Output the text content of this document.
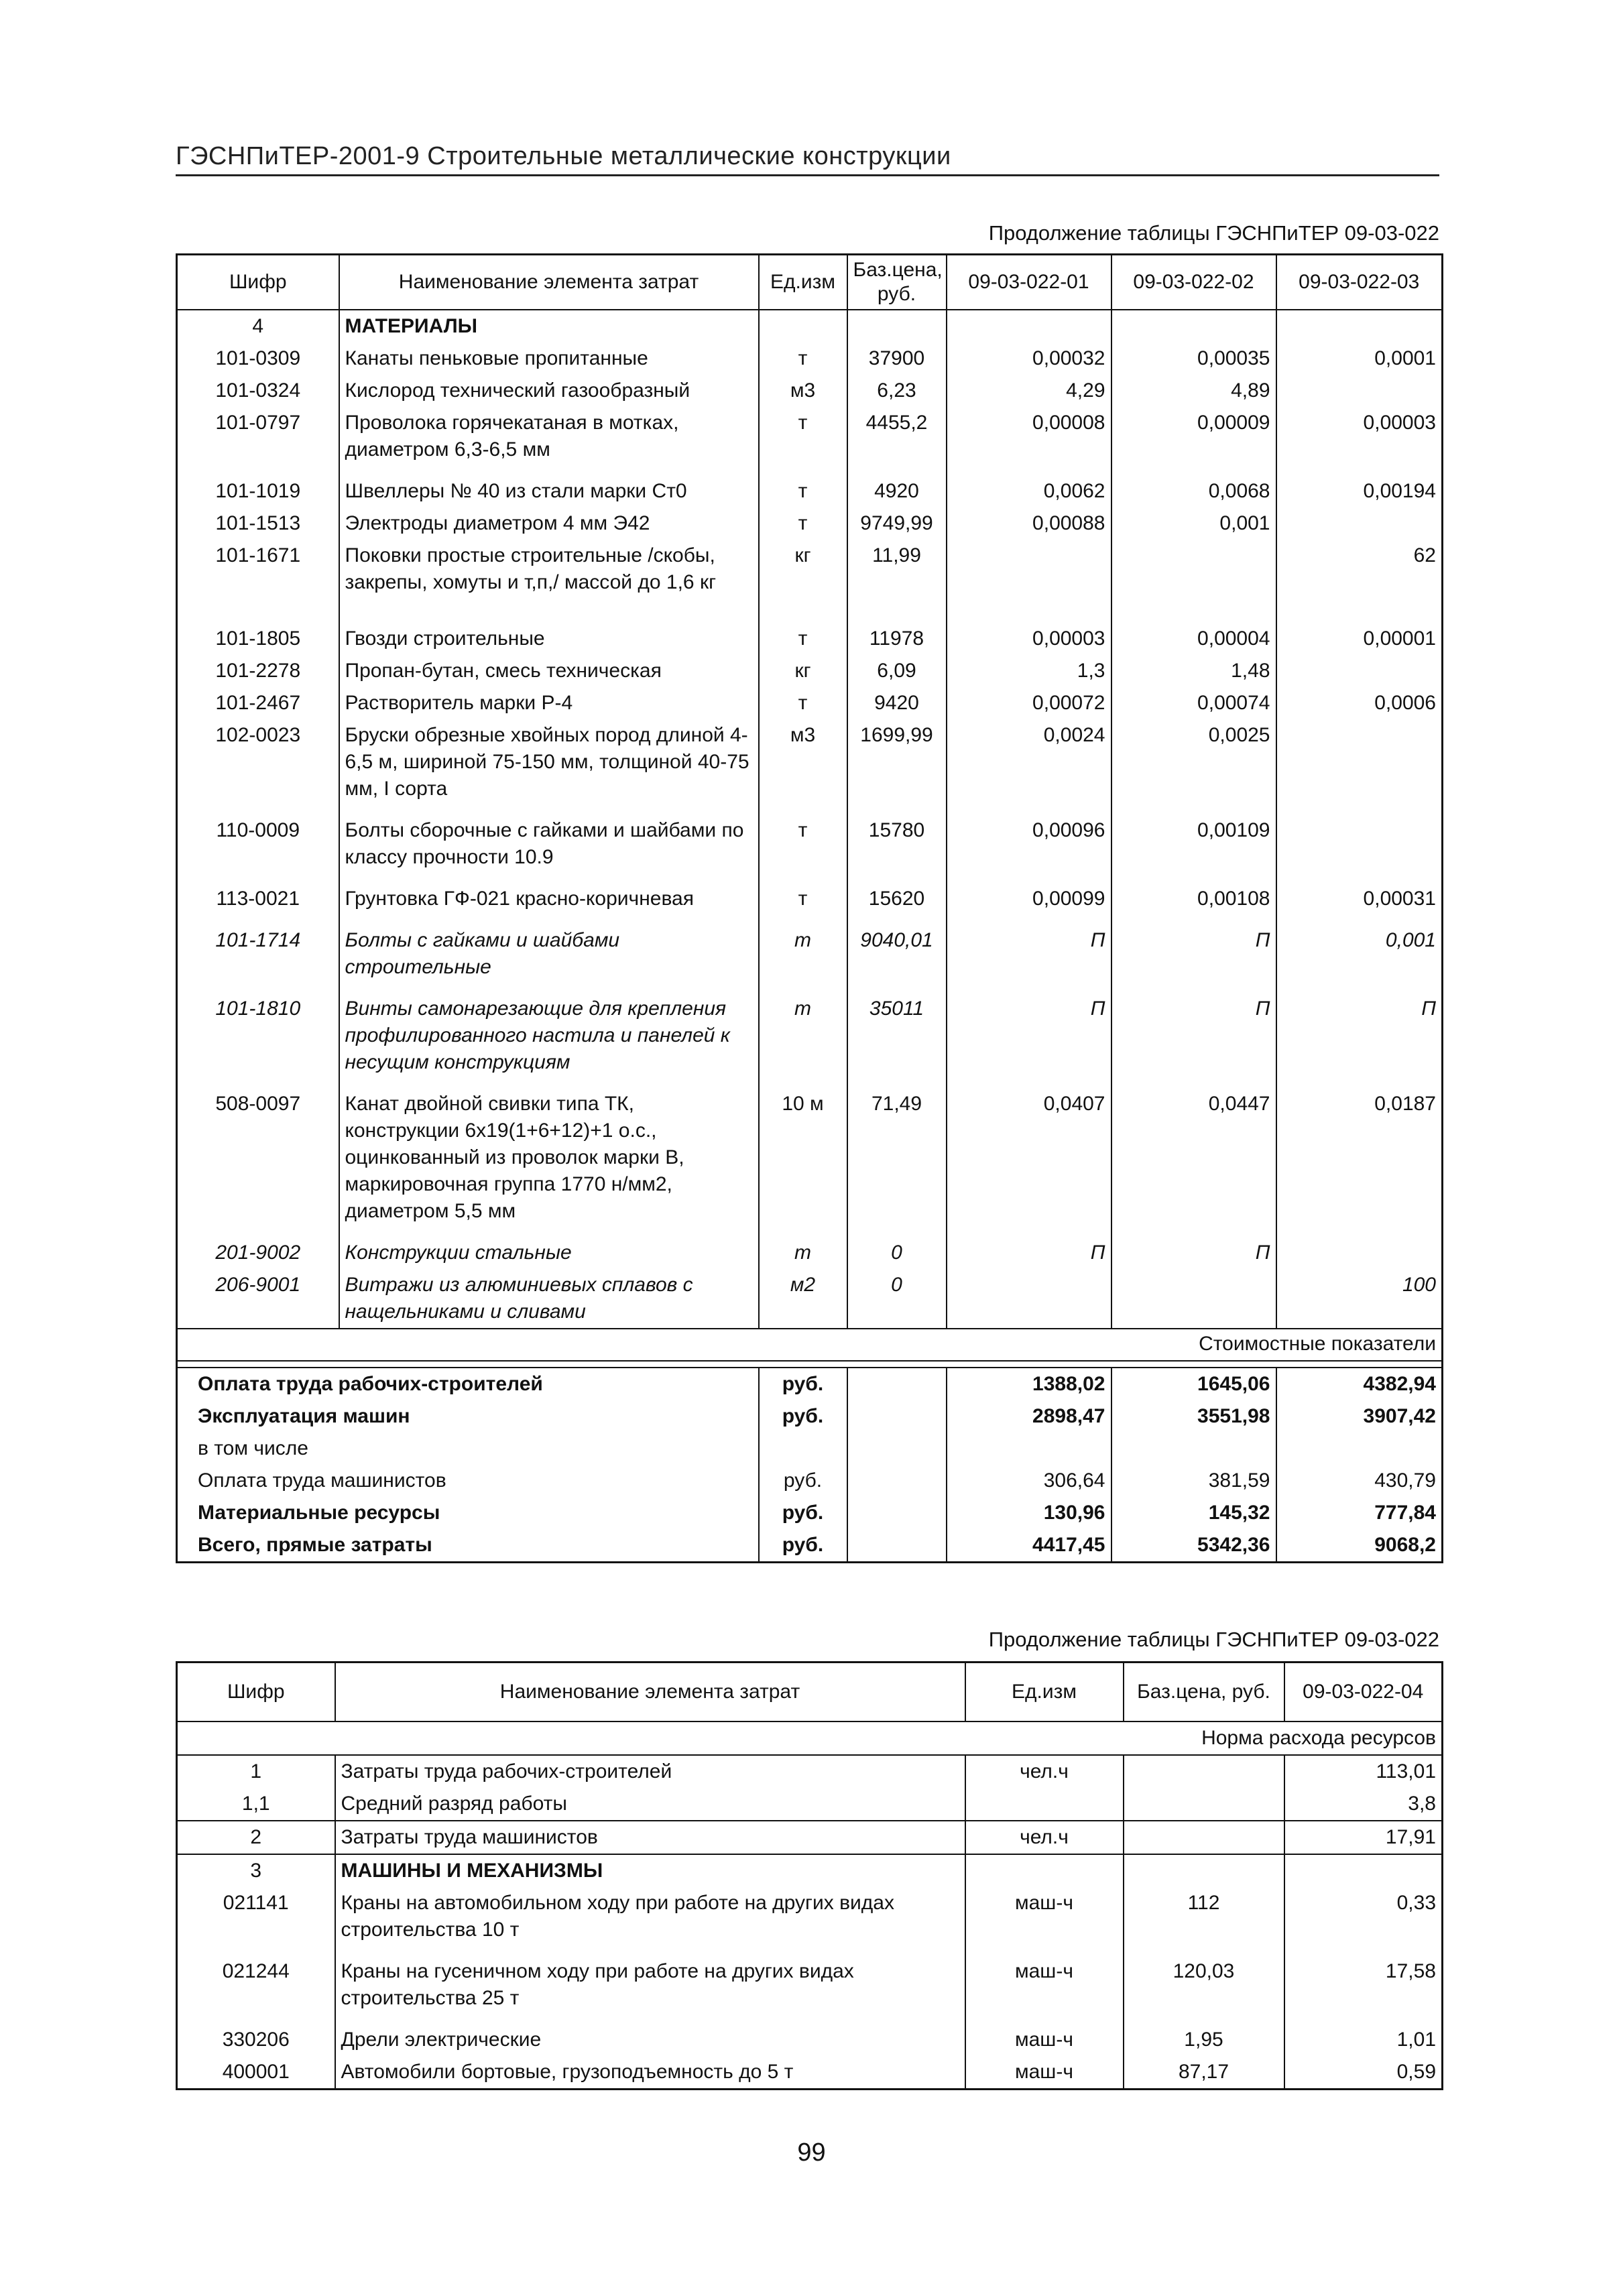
ГЭСНПиТЕР-2001-9 Строительные металлические конструкции
Продолжение таблицы ГЭСНПиТЕР 09-03-022
Шифр	Наименование элемента затрат	Ед.изм	Баз.цена, руб.	09-03-022-01	09-03-022-02	09-03-022-03
4	МАТЕРИАЛЫ					
101-0309	Канаты пеньковые пропитанные	т	37900	0,00032	0,00035	0,0001
101-0324	Кислород технический газообразный	м3	6,23	4,29	4,89	
101-0797	Проволока горячекатаная в мотках, диаметром 6,3-6,5 мм	т	4455,2	0,00008	0,00009	0,00003
101-1019	Швеллеры № 40 из стали марки Ст0	т	4920	0,0062	0,0068	0,00194
101-1513	Электроды диаметром 4 мм Э42	т	9749,99	0,00088	0,001	
101-1671	Поковки простые строительные /скобы, закрепы, хомуты и т,п,/ массой до 1,6 кг	кг	11,99			62
101-1805	Гвозди строительные	т	11978	0,00003	0,00004	0,00001
101-2278	Пропан-бутан, смесь техническая	кг	6,09	1,3	1,48	
101-2467	Растворитель марки Р-4	т	9420	0,00072	0,00074	0,0006
102-0023	Бруски обрезные хвойных пород длиной 4-6,5 м, шириной 75-150 мм, толщиной 40-75 мм, I сорта	м3	1699,99	0,0024	0,0025	
110-0009	Болты сборочные с гайками и шайбами по классу прочности 10.9	т	15780	0,00096	0,00109	
113-0021	Грунтовка ГФ-021 красно-коричневая	т	15620	0,00099	0,00108	0,00031
101-1714	Болты с гайками и шайбами строительные	т	9040,01	П	П	0,001
101-1810	Винты самонарезающие для крепления профилированного настила и панелей к несущим конструкциям	т	35011	П	П	П
508-0097	Канат двойной свивки типа ТК, конструкции 6х19(1+6+12)+1 о.с., оцинкованный из проволок марки В, маркировочная группа 1770 н/мм2, диаметром 5,5 мм	10 м	71,49	0,0407	0,0447	0,0187
201-9002	Конструкции стальные	т	0	П	П	
206-9001	Витражи из алюминиевых сплавов с нащельниками и сливами	м2	0			100
Стоимостные показатели						

Оплата труда рабочих-строителей		руб.		1388,02	1645,06	4382,94
Эксплуатация машин		руб.		2898,47	3551,98	3907,42
в том числе						
Оплата труда машинистов		руб.		306,64	381,59	430,79
Материальные ресурсы		руб.		130,96	145,32	777,84
Всего, прямые затраты		руб.		4417,45	5342,36	9068,2
Продолжение таблицы ГЭСНПиТЕР 09-03-022
Шифр	Наименование элемента затрат	Ед.изм	Баз.цена, руб.	09-03-022-04
Норма расхода ресурсов				
1	Затраты труда рабочих-строителей	чел.ч		113,01
1,1	Средний разряд работы			3,8
2	Затраты труда машинистов	чел.ч		17,91
3	МАШИНЫ И МЕХАНИЗМЫ			
021141	Краны на автомобильном ходу при работе на других видах строительства 10 т	маш-ч	112	0,33
021244	Краны на гусеничном ходу при работе на других видах строительства 25 т	маш-ч	120,03	17,58
330206	Дрели электрические	маш-ч	1,95	1,01
400001	Автомобили бортовые, грузоподъемность до 5 т	маш-ч	87,17	0,59
99
